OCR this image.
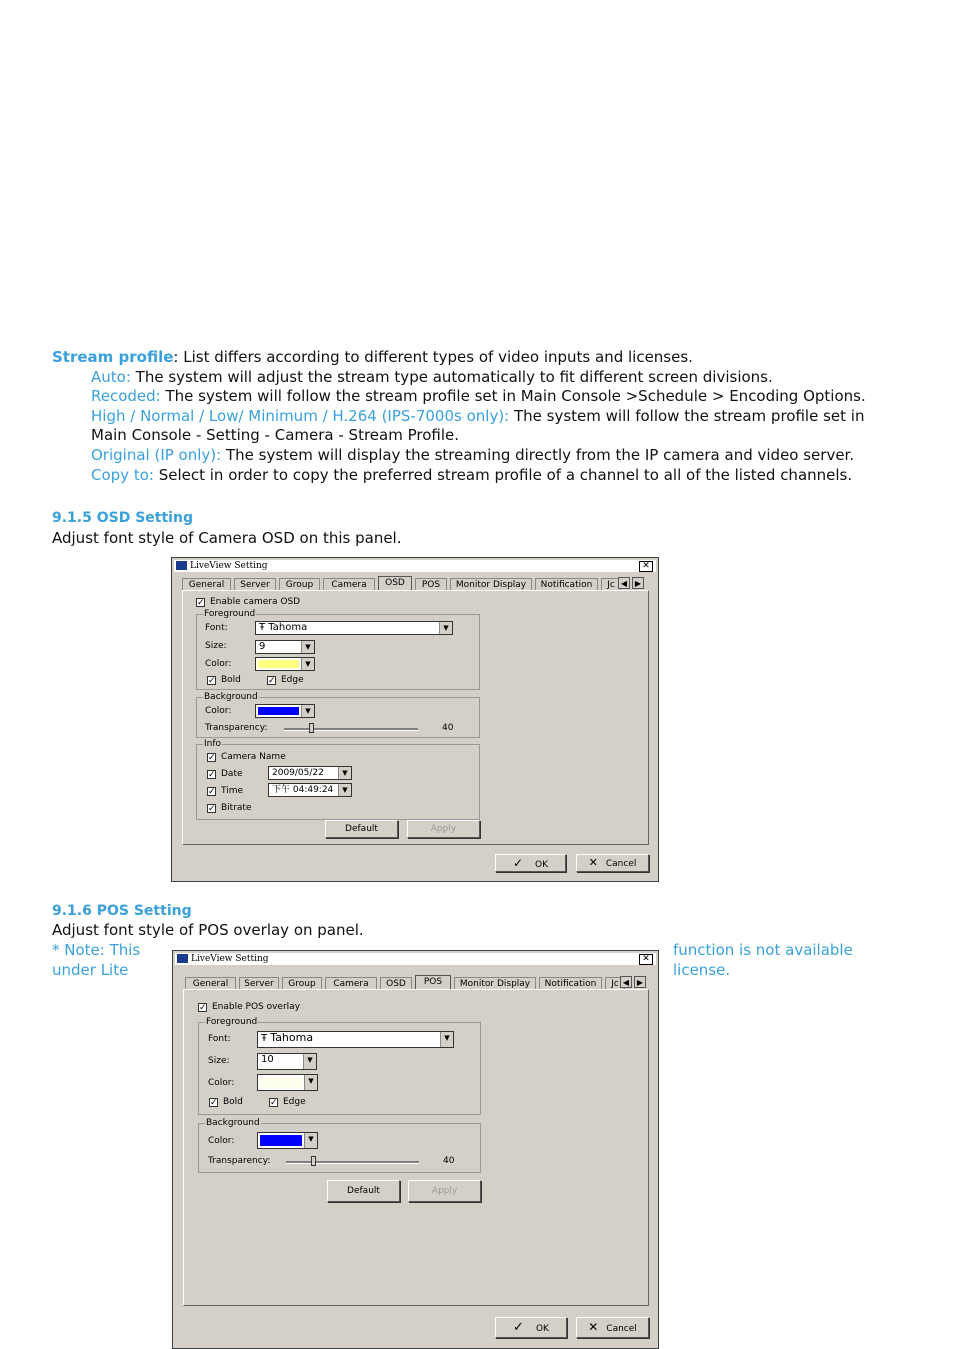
Stream profile: List differs according to different types of video inputs and licenses.
Auto: The system will adjust the stream type automatically to fit different screen divisions.
Recoded: The system will follow the stream profile set in Main Console >Schedule > Encoding Options.
High / Normal / Low/ Minimum / H.264 (IPS-7000s only): The system will follow the stream profile set in
Main Console - Setting - Camera - Stream Profile.
Original (IP only): The system will display the streaming directly from the IP camera and video server.
Copy to: Select in order to copy the preferred stream profile of a channel to all of the listed channels.
9.1.5 OSD Setting
Adjust font style of Camera OSD on this panel.
LiveView Setting	✕
General	Server	Group	Camera	OSD	POS	Monitor Display	Notification	Jc ◀ ▶
✓ Enable camera OSD
Foreground
Font:	Ŧ Tahoma	▼
Size:	9	▼
Color:	▼
✓ Bold	✓ Edge
Background
Color:	▼
Transparency:	40
Info
✓ Camera Name
✓ Date	2009/05/22	▼
✓ Time	下午 04:49:24	▼
✓ Bitrate
Default	Apply
✓ OK	✕ Cancel
9.1.6 POS Setting
Adjust font style of POS overlay on panel.
* Note: This
under Lite
function is not available
license.
LiveView Setting	✕
General	Server	Group	Camera	OSD	POS	Monitor Display	Notification	Jc ◀ ▶
✓ Enable POS overlay
Foreground
Font:	Ŧ Tahoma	▼
Size:	10	▼
Color:	▼
✓ Bold	✓ Edge
Background
Color:	▼
Transparency:	40
Default	Apply
✓ OK	✕ Cancel
